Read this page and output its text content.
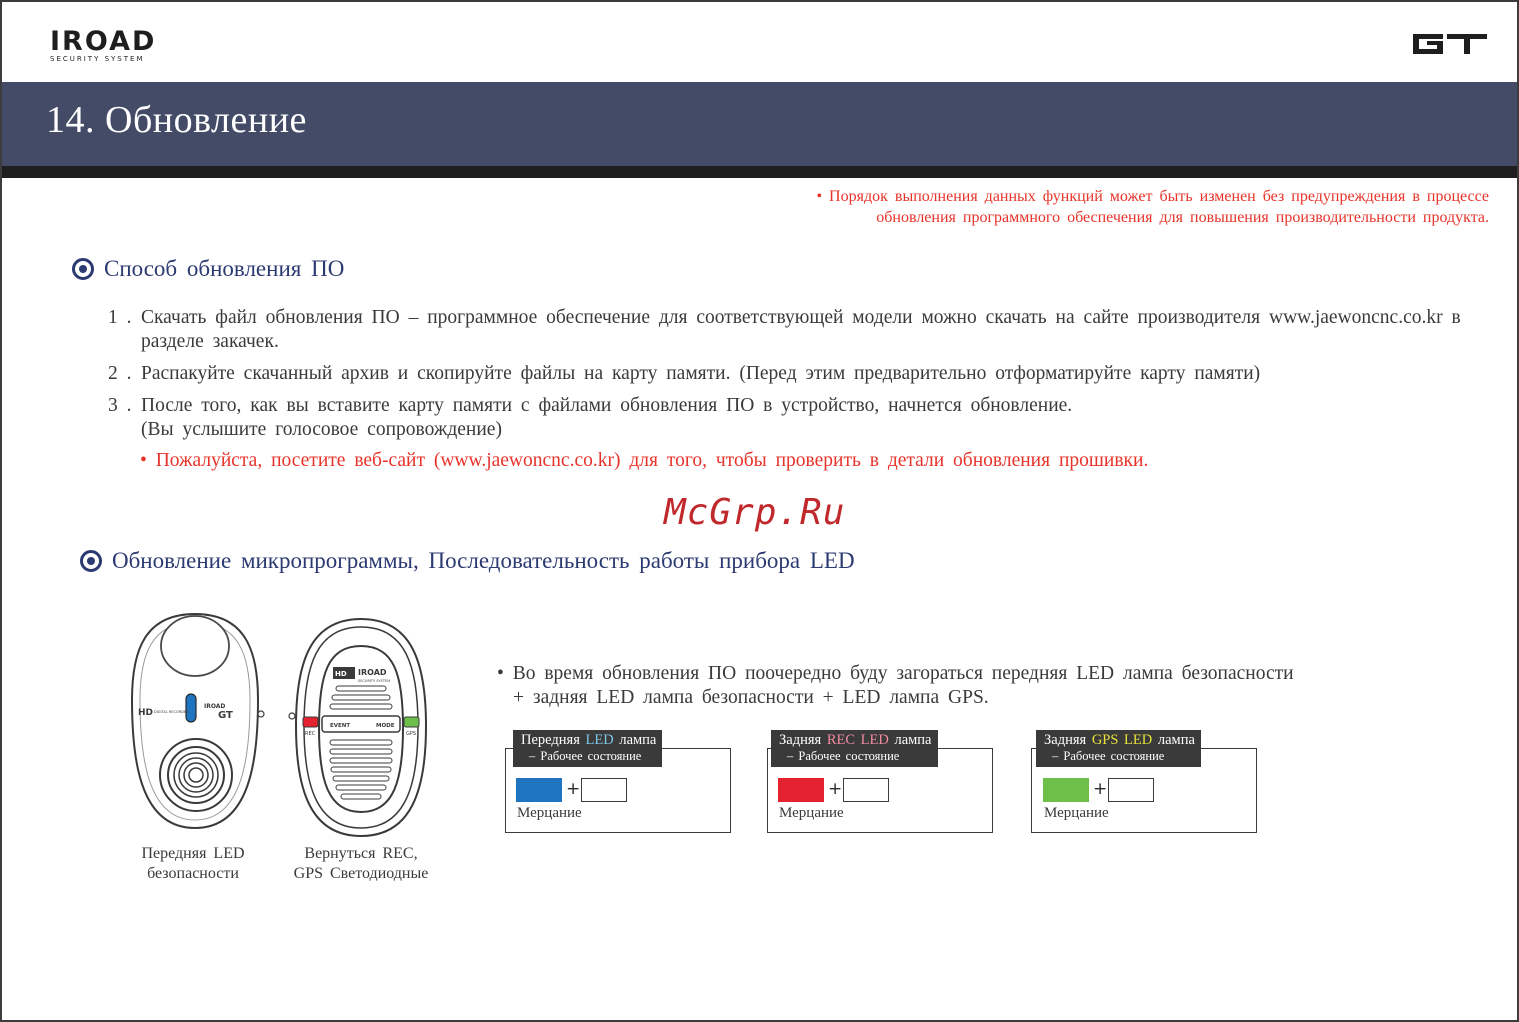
IROAD
SECURITY SYSTEM
14. Обновление
• Порядок выполнения данных функций может быть изменен без предупреждения в процессе
обновления программного обеспечения для повышения производительности продукта.
Способ обновления ПО
1 . Скачать файл обновления ПО – программное обеспечение для соответствующей модели можно скачать на сайте производителя www.jaewoncnc.co.kr в разделе закачек.
2 . Распакуйте скачанный архив и скопируйте файлы на карту памяти. (Перед этим предварительно отформатируйте карту памяти)
3 . После того, как вы вставите карту памяти с файлами обновления ПО в устройство, начнется обновление.
(Вы услышите голосовое сопровождение)
• Пожалуйста, посетите веб-сайт (www.jaewoncnc.co.kr) для того, чтобы проверить в детали обновления прошивки.
McGrp.Ru
Обновление микропрограммы, Последовательность работы прибора LED
HD DIGITAL RECORDER
IROAD
GT
Передняя LED
безопасности
HD IROAD
SECURITY SYSTEM
EVENT	MODE
REC	GPS
Вернуться REC,
GPS Светодиодные
• Во время обновления ПО поочередно буду загораться передняя LED лампа безопасности
+ задняя LED лампа безопасности + LED лампа GPS.
Передняя LED лампа
– Рабочее состояние
+
Мерцание
Задняя REC LED лампа
– Рабочее состояние
+
Мерцание
Задняя GPS LED лампа
– Рабочее состояние
+
Мерцание
